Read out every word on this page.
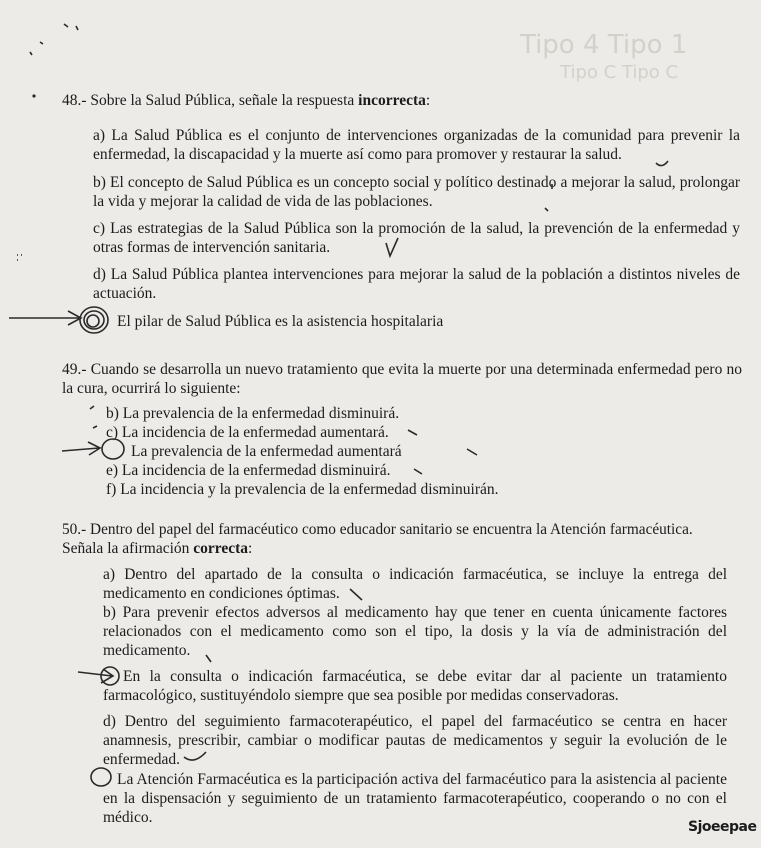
Tipo 4 Tipo 1
Tipo C Tipo C
48.- Sobre la Salud Pública, señale la respuesta incorrecta:
a) La Salud Pública es el conjunto de intervenciones organizadas de la comunidad para prevenir la enfermedad, la discapacidad y la muerte así como para promover y restaurar la salud.
b) El concepto de Salud Pública es un concepto social y político destinado a mejorar la salud, prolongar la vida y mejorar la calidad de vida de las poblaciones.
c) Las estrategias de la Salud Pública son la promoción de la salud, la prevención de la enfermedad y otras formas de intervención sanitaria.
d) La Salud Pública plantea intervenciones para mejorar la salud de la población a distintos niveles de actuación.
El pilar de Salud Pública es la asistencia hospitalaria
49.- Cuando se desarrolla un nuevo tratamiento que evita la muerte por una determinada enfermedad pero no la cura, ocurrirá lo siguiente:
b) La prevalencia de la enfermedad disminuirá.
c) La incidencia de la enfermedad aumentará.
La prevalencia de la enfermedad aumentará
e) La incidencia de la enfermedad disminuirá.
f) La incidencia y la prevalencia de la enfermedad disminuirán.
50.- Dentro del papel del farmacéutico como educador sanitario se encuentra la Atención farmacéutica.
Señala la afirmación correcta:
a) Dentro del apartado de la consulta o indicación farmacéutica, se incluye la entrega del medicamento en condiciones óptimas.
b) Para prevenir efectos adversos al medicamento hay que tener en cuenta únicamente factores relacionados con el medicamento como son el tipo, la dosis y la vía de administración del medicamento.
En la consulta o indicación farmacéutica, se debe evitar dar al paciente un tratamiento farmacológico, sustituyéndolo siempre que sea posible por medidas conservadoras.
d) Dentro del seguimiento farmacoterapéutico, el papel del farmacéutico se centra en hacer anamnesis, prescribir, cambiar o modificar pautas de medicamentos y seguir la evolución de le enfermedad.
La Atención Farmacéutica es la participación activa del farmacéutico para la asistencia al paciente en la dispensación y seguimiento de un tratamiento farmacoterapéutico, cooperando o no con el médico.
Sjoeepae
